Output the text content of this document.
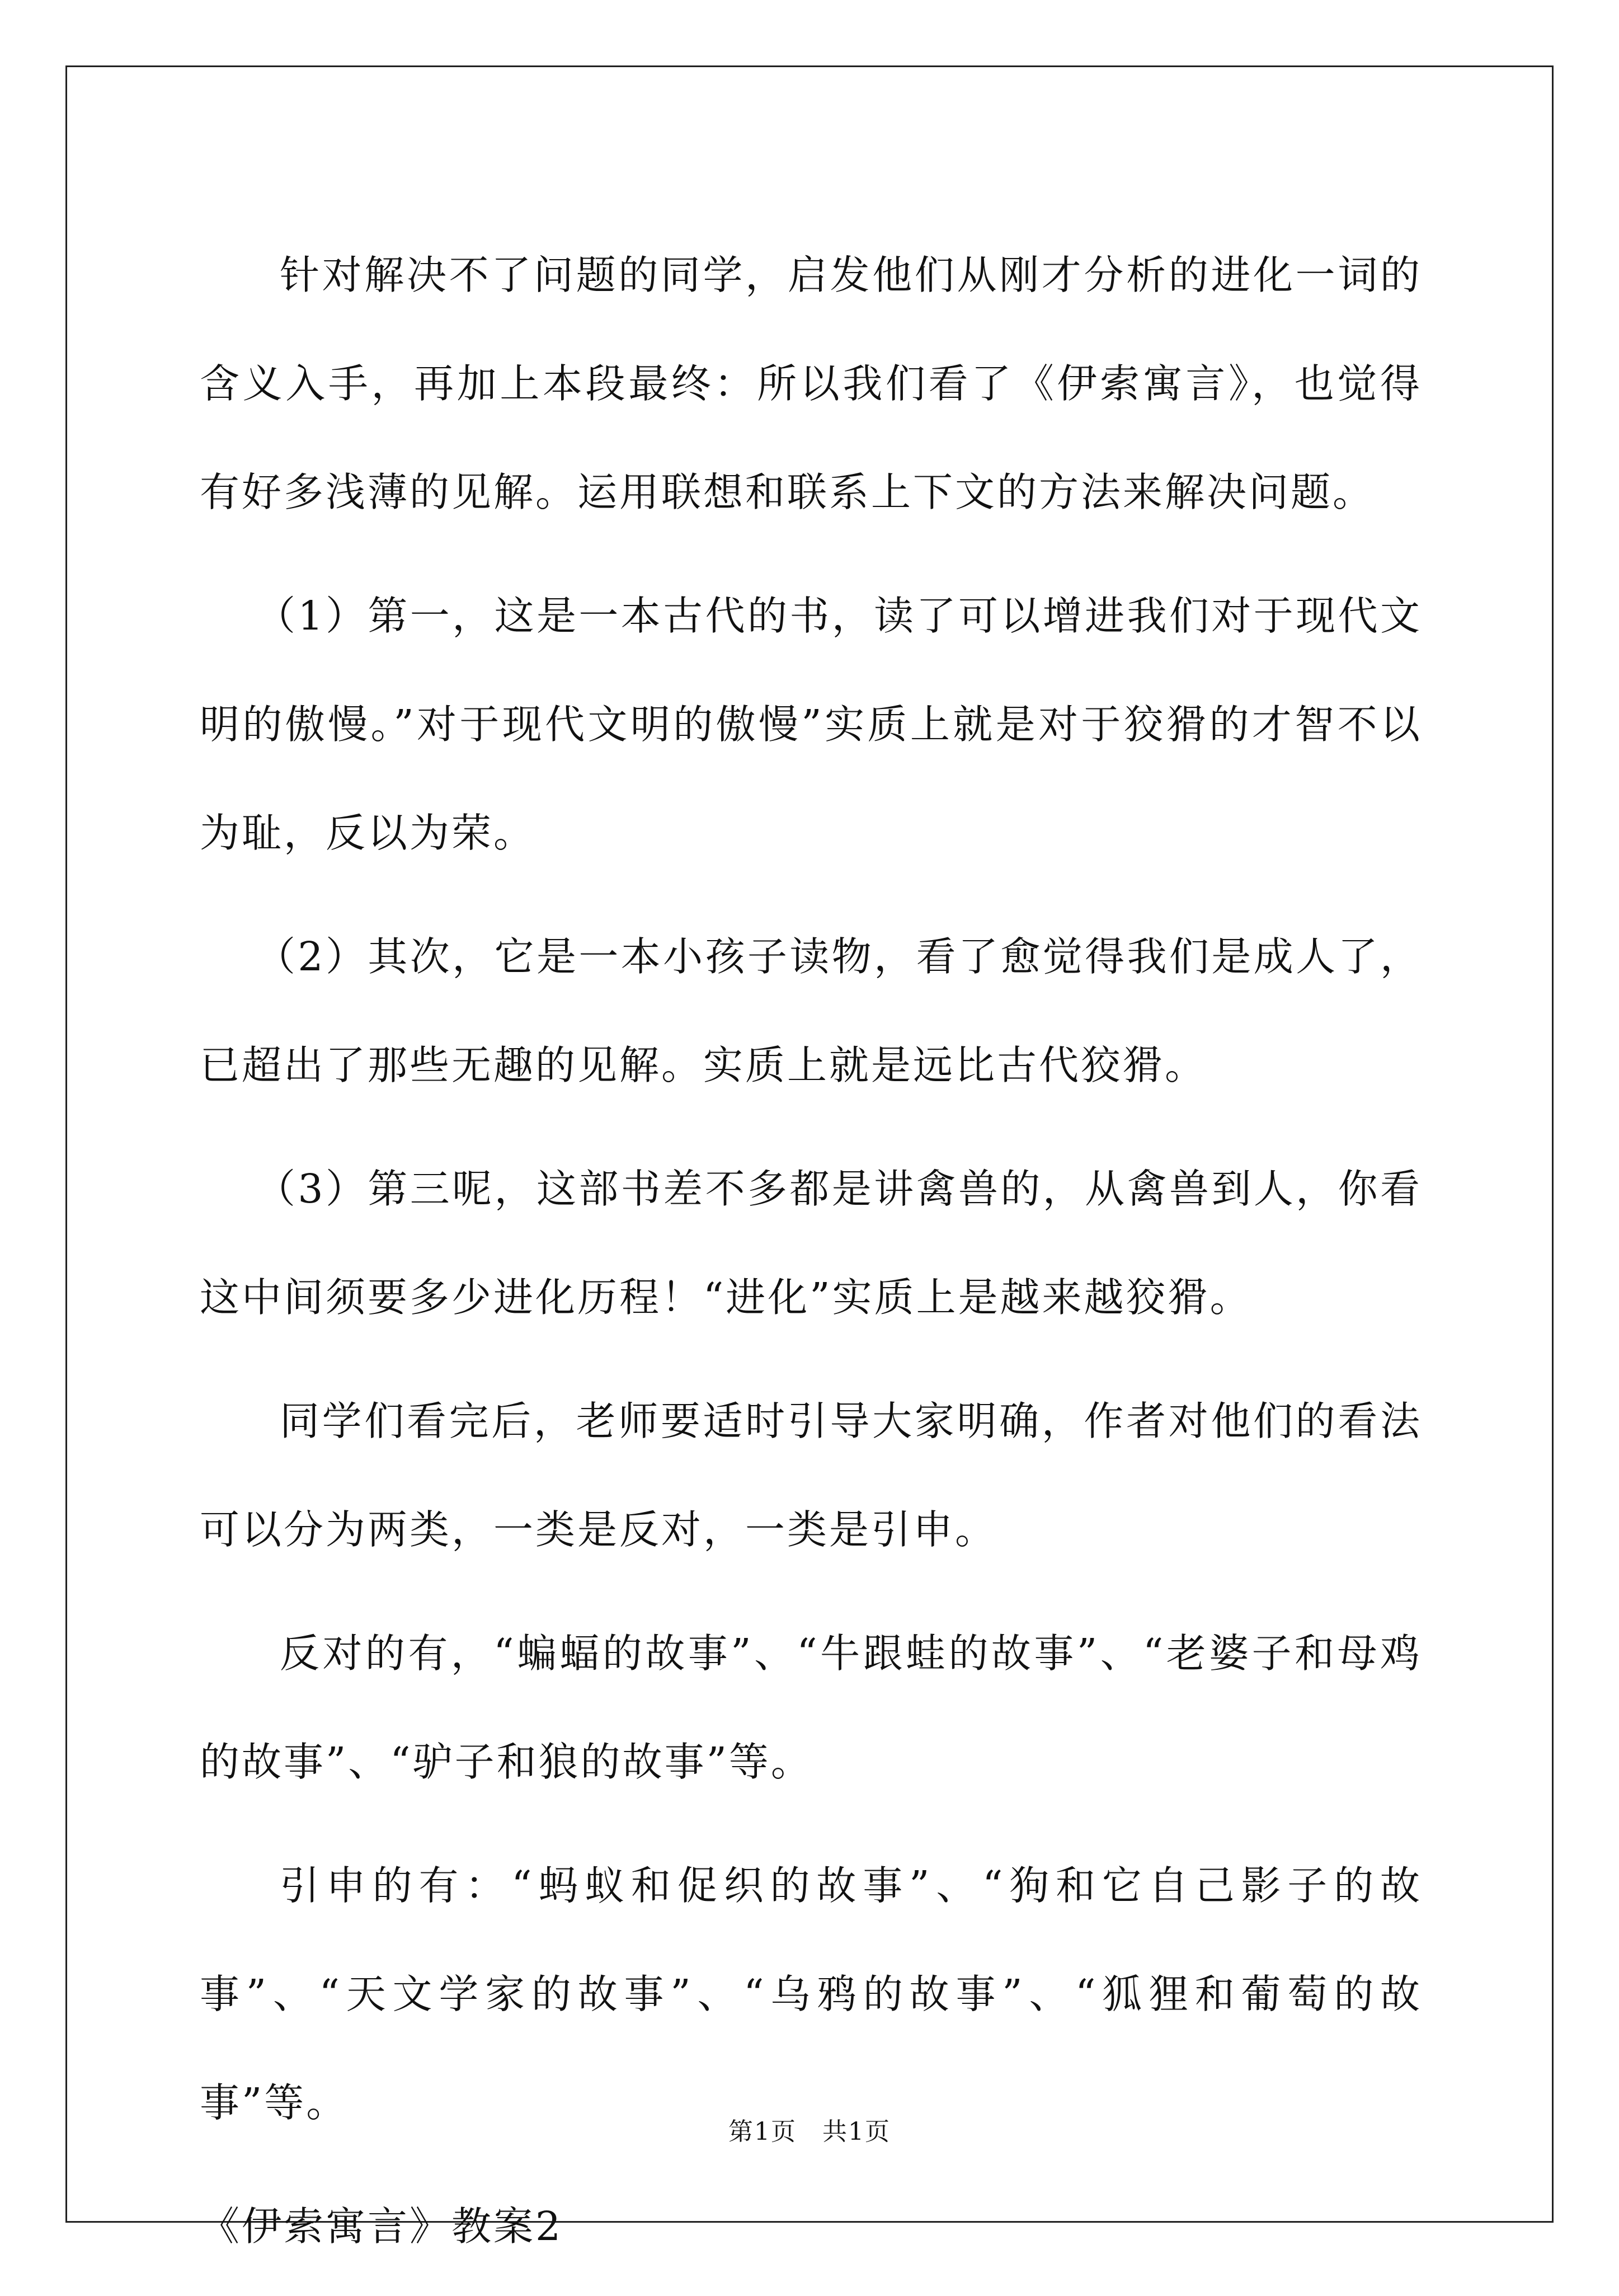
针对解决不了问题的同学，启发他们从刚才分析的进化一词的含义入手，再加上本段最终：所以我们看了《伊索寓言》，也觉得有好多浅薄的见解。运用联想和联系上下文的方法来解决问题。

（1）第一，这是一本古代的书，读了可以增进我们对于现代文明的傲慢。”对于现代文明的傲慢”实质上就是对于狡猾的才智不以为耻，反以为荣。

（2）其次，它是一本小孩子读物，看了愈觉得我们是成人了，已超出了那些无趣的见解。实质上就是远比古代狡猾。

（3）第三呢，这部书差不多都是讲禽兽的，从禽兽到人，你看这中间须要多少进化历程！“进化”实质上是越来越狡猾。

同学们看完后，老师要适时引导大家明确，作者对他们的看法可以分为两类，一类是反对，一类是引申。

反对的有，“蝙蝠的故事”、“牛跟蛙的故事”、“老婆子和母鸡的故事”、“驴子和狼的故事”等。

引申的有：“蚂蚁和促织的故事”、“狗和它自己影子的故事”、“天文学家的故事”、“乌鸦的故事”、“狐狸和葡萄的故事”等。

《伊索寓言》教案2

第1页　共1页
